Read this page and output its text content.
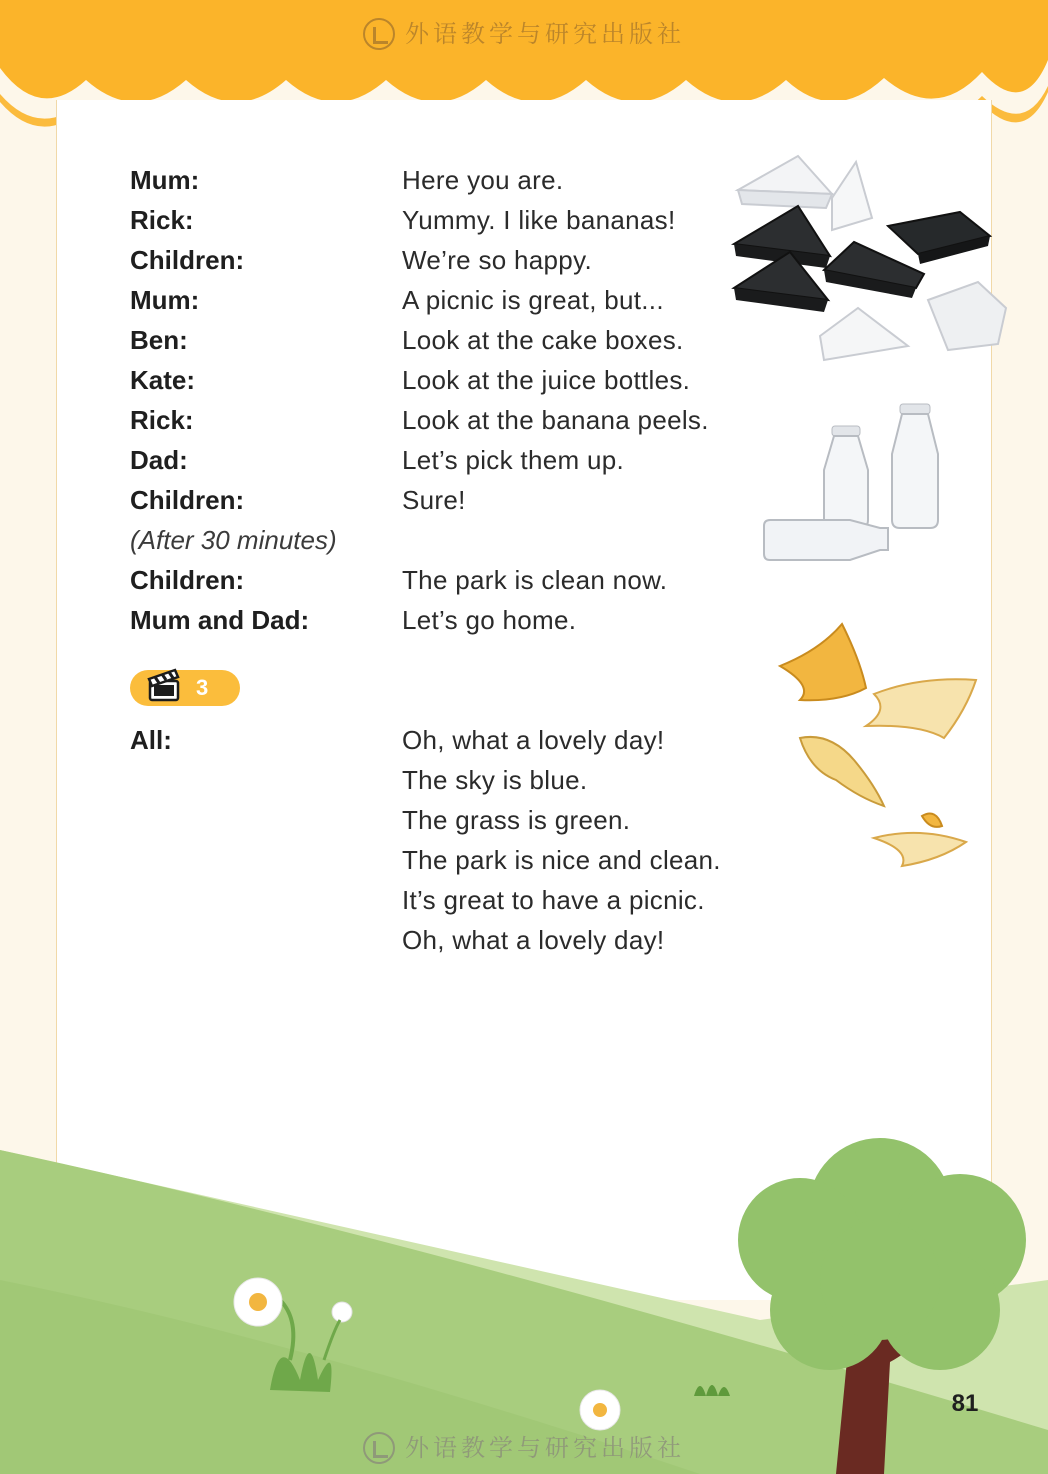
外语教学与研究出版社
Mum:	Here you are.
Rick:	Yummy. I like bananas!
Children:	We’re so happy.
Mum:	A picnic is great, but...
Ben:	Look at the cake boxes.
Kate:	Look at the juice bottles.
Rick:	Look at the banana peels.
Dad:	Let’s pick them up.
Children:	Sure!
(After 30 minutes)
Children:	The park is clean now.
Mum and Dad:	Let’s go home.
3
All:	Oh, what a lovely day!
The sky is blue.
The grass is green.
The park is nice and clean.
It’s great to have a picnic.
Oh, what a lovely day!
81
外语教学与研究出版社
